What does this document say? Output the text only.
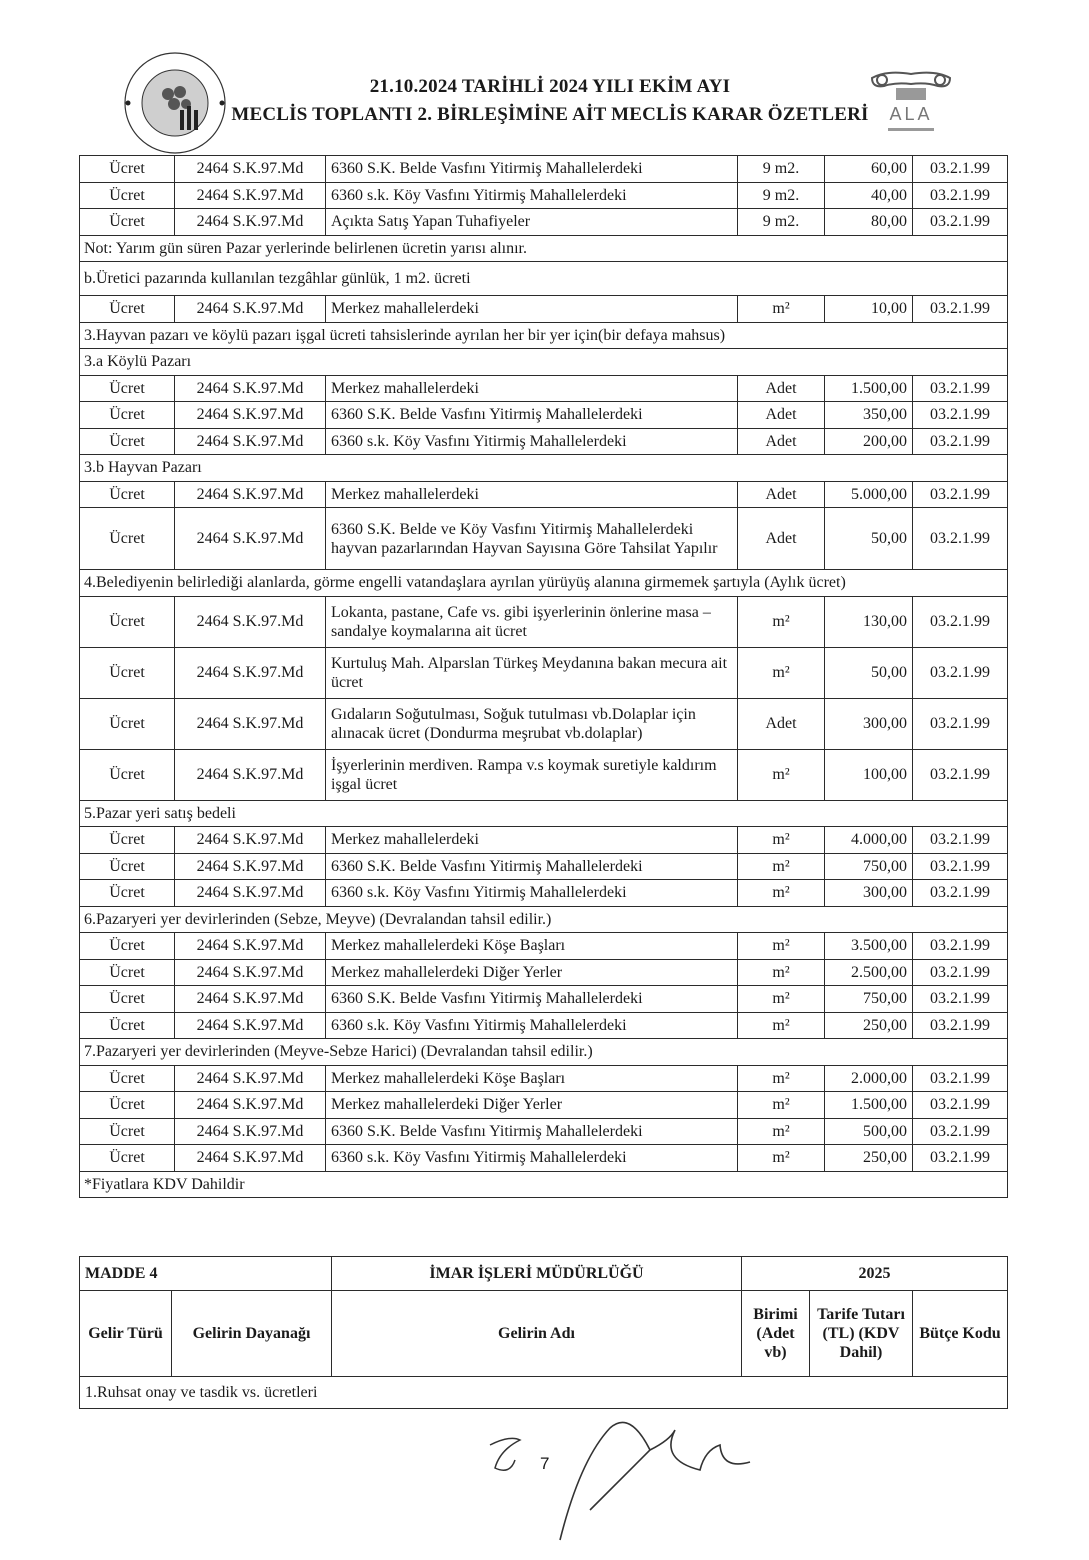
ALA
21.10.2024 TARİHLİ 2024 YILI EKİM AYI
MECLİS TOPLANTI 2. BİRLEŞİMİNE AİT MECLİS KARAR ÖZETLERİ
Ücret	2464 S.K.97.Md	6360 S.K. Belde Vasfını Yitirmiş Mahallelerdeki	9 m2.	60,00	03.2.1.99
Ücret	2464 S.K.97.Md	6360 s.k. Köy Vasfını Yitirmiş Mahallelerdeki	9 m2.	40,00	03.2.1.99
Ücret	2464 S.K.97.Md	Açıkta Satış Yapan Tuhafiyeler	9 m2.	80,00	03.2.1.99
Not: Yarım gün süren Pazar yerlerinde belirlenen ücretin yarısı alınır.					
b.Üretici pazarında kullanılan tezgâhlar günlük, 1 m2. ücreti					
Ücret	2464 S.K.97.Md	Merkez mahallelerdeki	m²	10,00	03.2.1.99
3.Hayvan pazarı ve köylü pazarı işgal ücreti tahsislerinde ayrılan her bir yer için(bir defaya mahsus)					
3.a Köylü Pazarı					
Ücret	2464 S.K.97.Md	Merkez mahallelerdeki	Adet	1.500,00	03.2.1.99
Ücret	2464 S.K.97.Md	6360 S.K. Belde Vasfını Yitirmiş Mahallelerdeki	Adet	350,00	03.2.1.99
Ücret	2464 S.K.97.Md	6360 s.k. Köy Vasfını Yitirmiş Mahallelerdeki	Adet	200,00	03.2.1.99
3.b Hayvan Pazarı					
Ücret	2464 S.K.97.Md	Merkez mahallelerdeki	Adet	5.000,00	03.2.1.99
Ücret	2464 S.K.97.Md	6360 S.K. Belde ve Köy Vasfını Yitirmiş Mahallelerdeki hayvan pazarlarından Hayvan Sayısına Göre Tahsilat Yapılır	Adet	50,00	03.2.1.99
4.Belediyenin belirlediği alanlarda, görme engelli vatandaşlara ayrılan yürüyüş alanına girmemek şartıyla (Aylık ücret)					
Ücret	2464 S.K.97.Md	Lokanta, pastane, Cafe vs. gibi işyerlerinin önlerine masa – sandalye koymalarına ait ücret	m²	130,00	03.2.1.99
Ücret	2464 S.K.97.Md	Kurtuluş Mah. Alparslan Türkeş Meydanına bakan mecura ait ücret	m²	50,00	03.2.1.99
Ücret	2464 S.K.97.Md	Gıdaların Soğutulması, Soğuk tutulması vb.Dolaplar için alınacak ücret (Dondurma meşrubat vb.dolaplar)	Adet	300,00	03.2.1.99
Ücret	2464 S.K.97.Md	İşyerlerinin merdiven. Rampa v.s koymak suretiyle kaldırım işgal ücret	m²	100,00	03.2.1.99
5.Pazar yeri satış bedeli					
Ücret	2464 S.K.97.Md	Merkez mahallelerdeki	m²	4.000,00	03.2.1.99
Ücret	2464 S.K.97.Md	6360 S.K. Belde Vasfını Yitirmiş Mahallelerdeki	m²	750,00	03.2.1.99
Ücret	2464 S.K.97.Md	6360 s.k. Köy Vasfını Yitirmiş Mahallelerdeki	m²	300,00	03.2.1.99
6.Pazaryeri yer devirlerinden (Sebze, Meyve) (Devralandan tahsil edilir.)					
Ücret	2464 S.K.97.Md	Merkez mahallelerdeki Köşe Başları	m²	3.500,00	03.2.1.99
Ücret	2464 S.K.97.Md	Merkez mahallelerdeki Diğer Yerler	m²	2.500,00	03.2.1.99
Ücret	2464 S.K.97.Md	6360 S.K. Belde Vasfını Yitirmiş Mahallelerdeki	m²	750,00	03.2.1.99
Ücret	2464 S.K.97.Md	6360 s.k. Köy Vasfını Yitirmiş Mahallelerdeki	m²	250,00	03.2.1.99
7.Pazaryeri yer devirlerinden (Meyve-Sebze Harici) (Devralandan tahsil edilir.)					
Ücret	2464 S.K.97.Md	Merkez mahallelerdeki Köşe Başları	m²	2.000,00	03.2.1.99
Ücret	2464 S.K.97.Md	Merkez mahallelerdeki Diğer Yerler	m²	1.500,00	03.2.1.99
Ücret	2464 S.K.97.Md	6360 S.K. Belde Vasfını Yitirmiş Mahallelerdeki	m²	500,00	03.2.1.99
Ücret	2464 S.K.97.Md	6360 s.k. Köy Vasfını Yitirmiş Mahallelerdeki	m²	250,00	03.2.1.99
*Fiyatlara KDV Dahildir					
MADDE 4		İMAR İŞLERİ MÜDÜRLÜĞÜ	2025		
Gelir Türü	Gelirin Dayanağı	Gelirin Adı	Birimi (Adet vb)	Tarife Tutarı (TL) (KDV Dahil)	Bütçe Kodu
1.Ruhsat onay ve tasdik vs. ücretleri					
7
